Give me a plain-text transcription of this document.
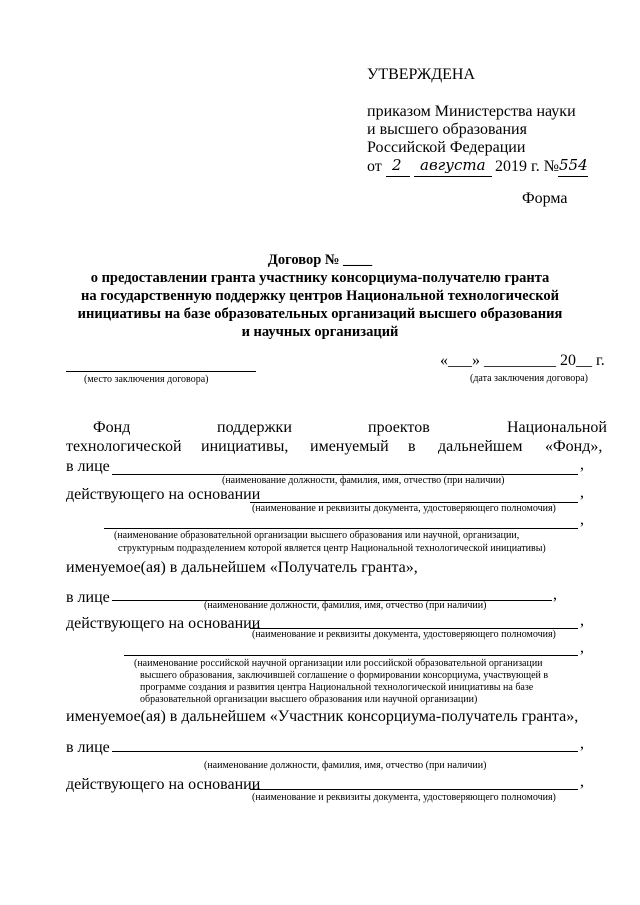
УТВЕРЖДЕНА
приказом Министерства науки
и высшего образования
Российской Федерации
от 2 августа 2019 г. № 554
Форма
Договор № ____
о предоставлении гранта участнику консорциума-получателю гранта
на государственную поддержку центров Национальной технологической
инициативы на базе образовательных организаций высшего образования
и научных организаций
(место заключения договора)
«___» _________ 20__ г.
(дата заключения договора)
Фонд	поддержки	проектов	Национальной
технологической инициативы, именуемый в дальнейшем «Фонд»,
в лице	,
(наименование должности, фамилия, имя, отчество (при наличии)
действующего на основании	,
(наименование и реквизиты документа, удостоверяющего полномочия)
,
(наименование образовательной организации высшего образования или научной, организации,
структурным подразделением которой является центр Национальной технологической инициативы)
именуемое(ая) в дальнейшем «Получатель гранта»,
в лице	,
(наименование должности, фамилия, имя, отчество (при наличии)
действующего на основании	,
(наименование и реквизиты документа, удостоверяющего полномочия)
,
(наименование российской научной организации или российской образовательной организации
высшего образования, заключившей соглашение о формировании консорциума, участвующей в
программе создания и развития центра Национальной технологической инициативы на базе
образовательной организации высшего образования или научной организации)
именуемое(ая) в дальнейшем «Участник консорциума-получатель гранта»,
в лице	,
(наименование должности, фамилия, имя, отчество (при наличии)
действующего на основании	,
(наименование и реквизиты документа, удостоверяющего полномочия)
